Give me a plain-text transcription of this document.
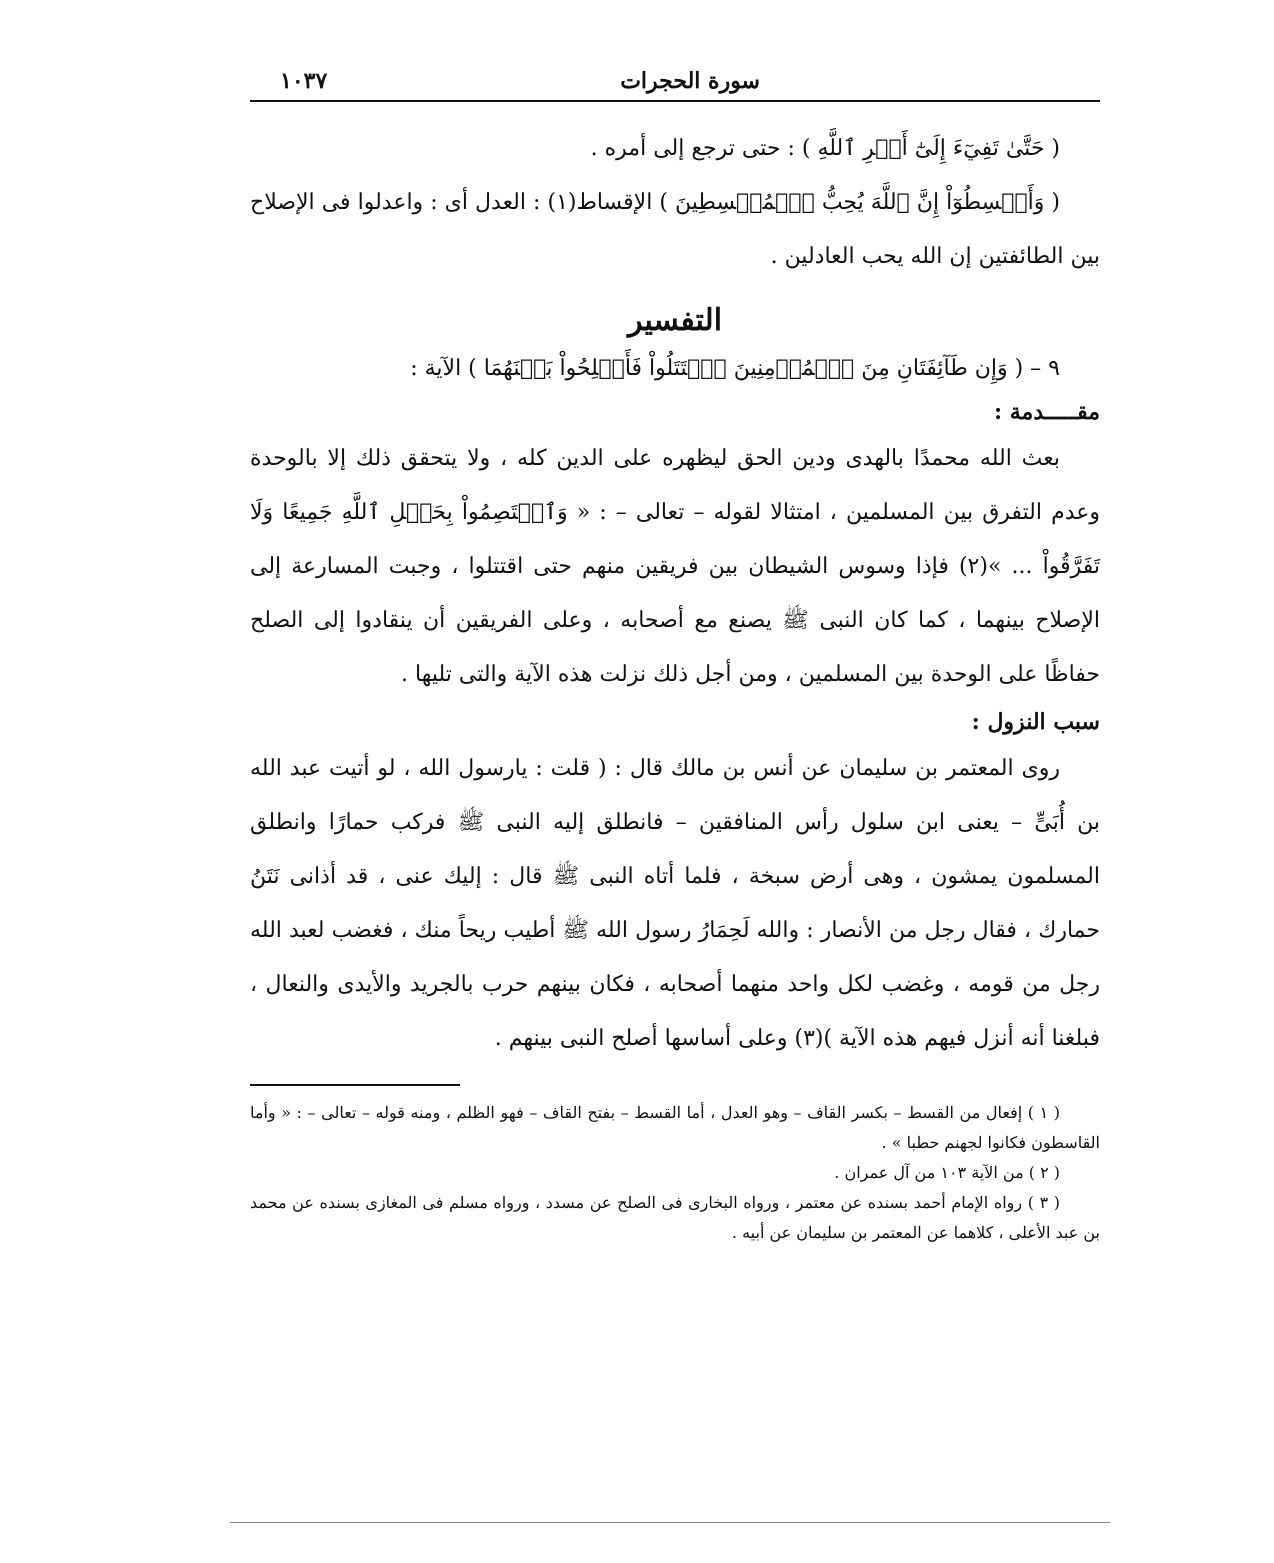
سورة الحجرات
١٠٣٧

( حَتَّىٰ تَفِيٓءَ إِلَىٰٓ أَمۡرِ ٱللَّهِ ) : حتى ترجع إلى أمره .

( وَأَقۡسِطُوٓاْ إِنَّ ٱللَّهَ يُحِبُّ ٱلۡمُقۡسِطِينَ ) الإقساط(١) : العدل أى : واعدلوا فى الإصلاح بين الطائفتين إن الله يحب العادلين .

التفسير

٩ – ( وَإِن طَآئِفَتَانِ مِنَ ٱلۡمُؤۡمِنِينَ ٱقۡتَتَلُواْ فَأَصۡلِحُواْ بَيۡنَهُمَا ) الآية :

مقـــــدمة :

بعث الله محمدًا بالهدى ودين الحق ليظهره على الدين كله ، ولا يتحقق ذلك إلا بالوحدة وعدم التفرق بين المسلمين ، امتثالا لقوله – تعالى – : « وَٱعۡتَصِمُواْ بِحَبۡلِ ٱللَّهِ جَمِيعًا وَلَا تَفَرَّقُواْ ... »(٢) فإذا وسوس الشيطان بين فريقين منهم حتى اقتتلوا ، وجبت المسارعة إلى الإصلاح بينهما ، كما كان النبى ﷺ يصنع مع أصحابه ، وعلى الفريقين أن ينقادوا إلى الصلح حفاظًا على الوحدة بين المسلمين ، ومن أجل ذلك نزلت هذه الآية والتى تليها .

سبب النزول :

روى المعتمر بن سليمان عن أنس بن مالك قال : ( قلت : يارسول الله ، لو أتيت عبد الله بن أُبَىٍّ – يعنى ابن سلول رأس المنافقين – فانطلق إليه النبى ﷺ فركب حمارًا وانطلق المسلمون يمشون ، وهى أرض سبخة ، فلما أتاه النبى ﷺ قال : إليك عنى ، قد أذانى نَتَنُ حمارك ، فقال رجل من الأنصار : والله لَحِمَارُ رسول الله ﷺ أطيب ريحاً منك ، فغضب لعبد الله رجل من قومه ، وغضب لكل واحد منهما أصحابه ، فكان بينهم حرب بالجريد والأيدى والنعال ، فبلغنا أنه أنزل فيهم هذه الآية )(٣) وعلى أساسها أصلح النبى بينهم .

( ١ ) إفعال من القسط – بكسر القاف – وهو العدل ، أما القسط – بفتح القاف – فهو الظلم ، ومنه قوله – تعالى – : « وأما القاسطون فكانوا لجهنم حطبا » .

( ٢ ) من الآية ١٠٣ من آل عمران .

( ٣ ) رواه الإمام أحمد بسنده عن معتمر ، ورواه البخارى فى الصلح عن مسدد ، ورواه مسلم فى المغازى بسنده عن محمد بن عبد الأعلى ، كلاهما عن المعتمر بن سليمان عن أبيه .
